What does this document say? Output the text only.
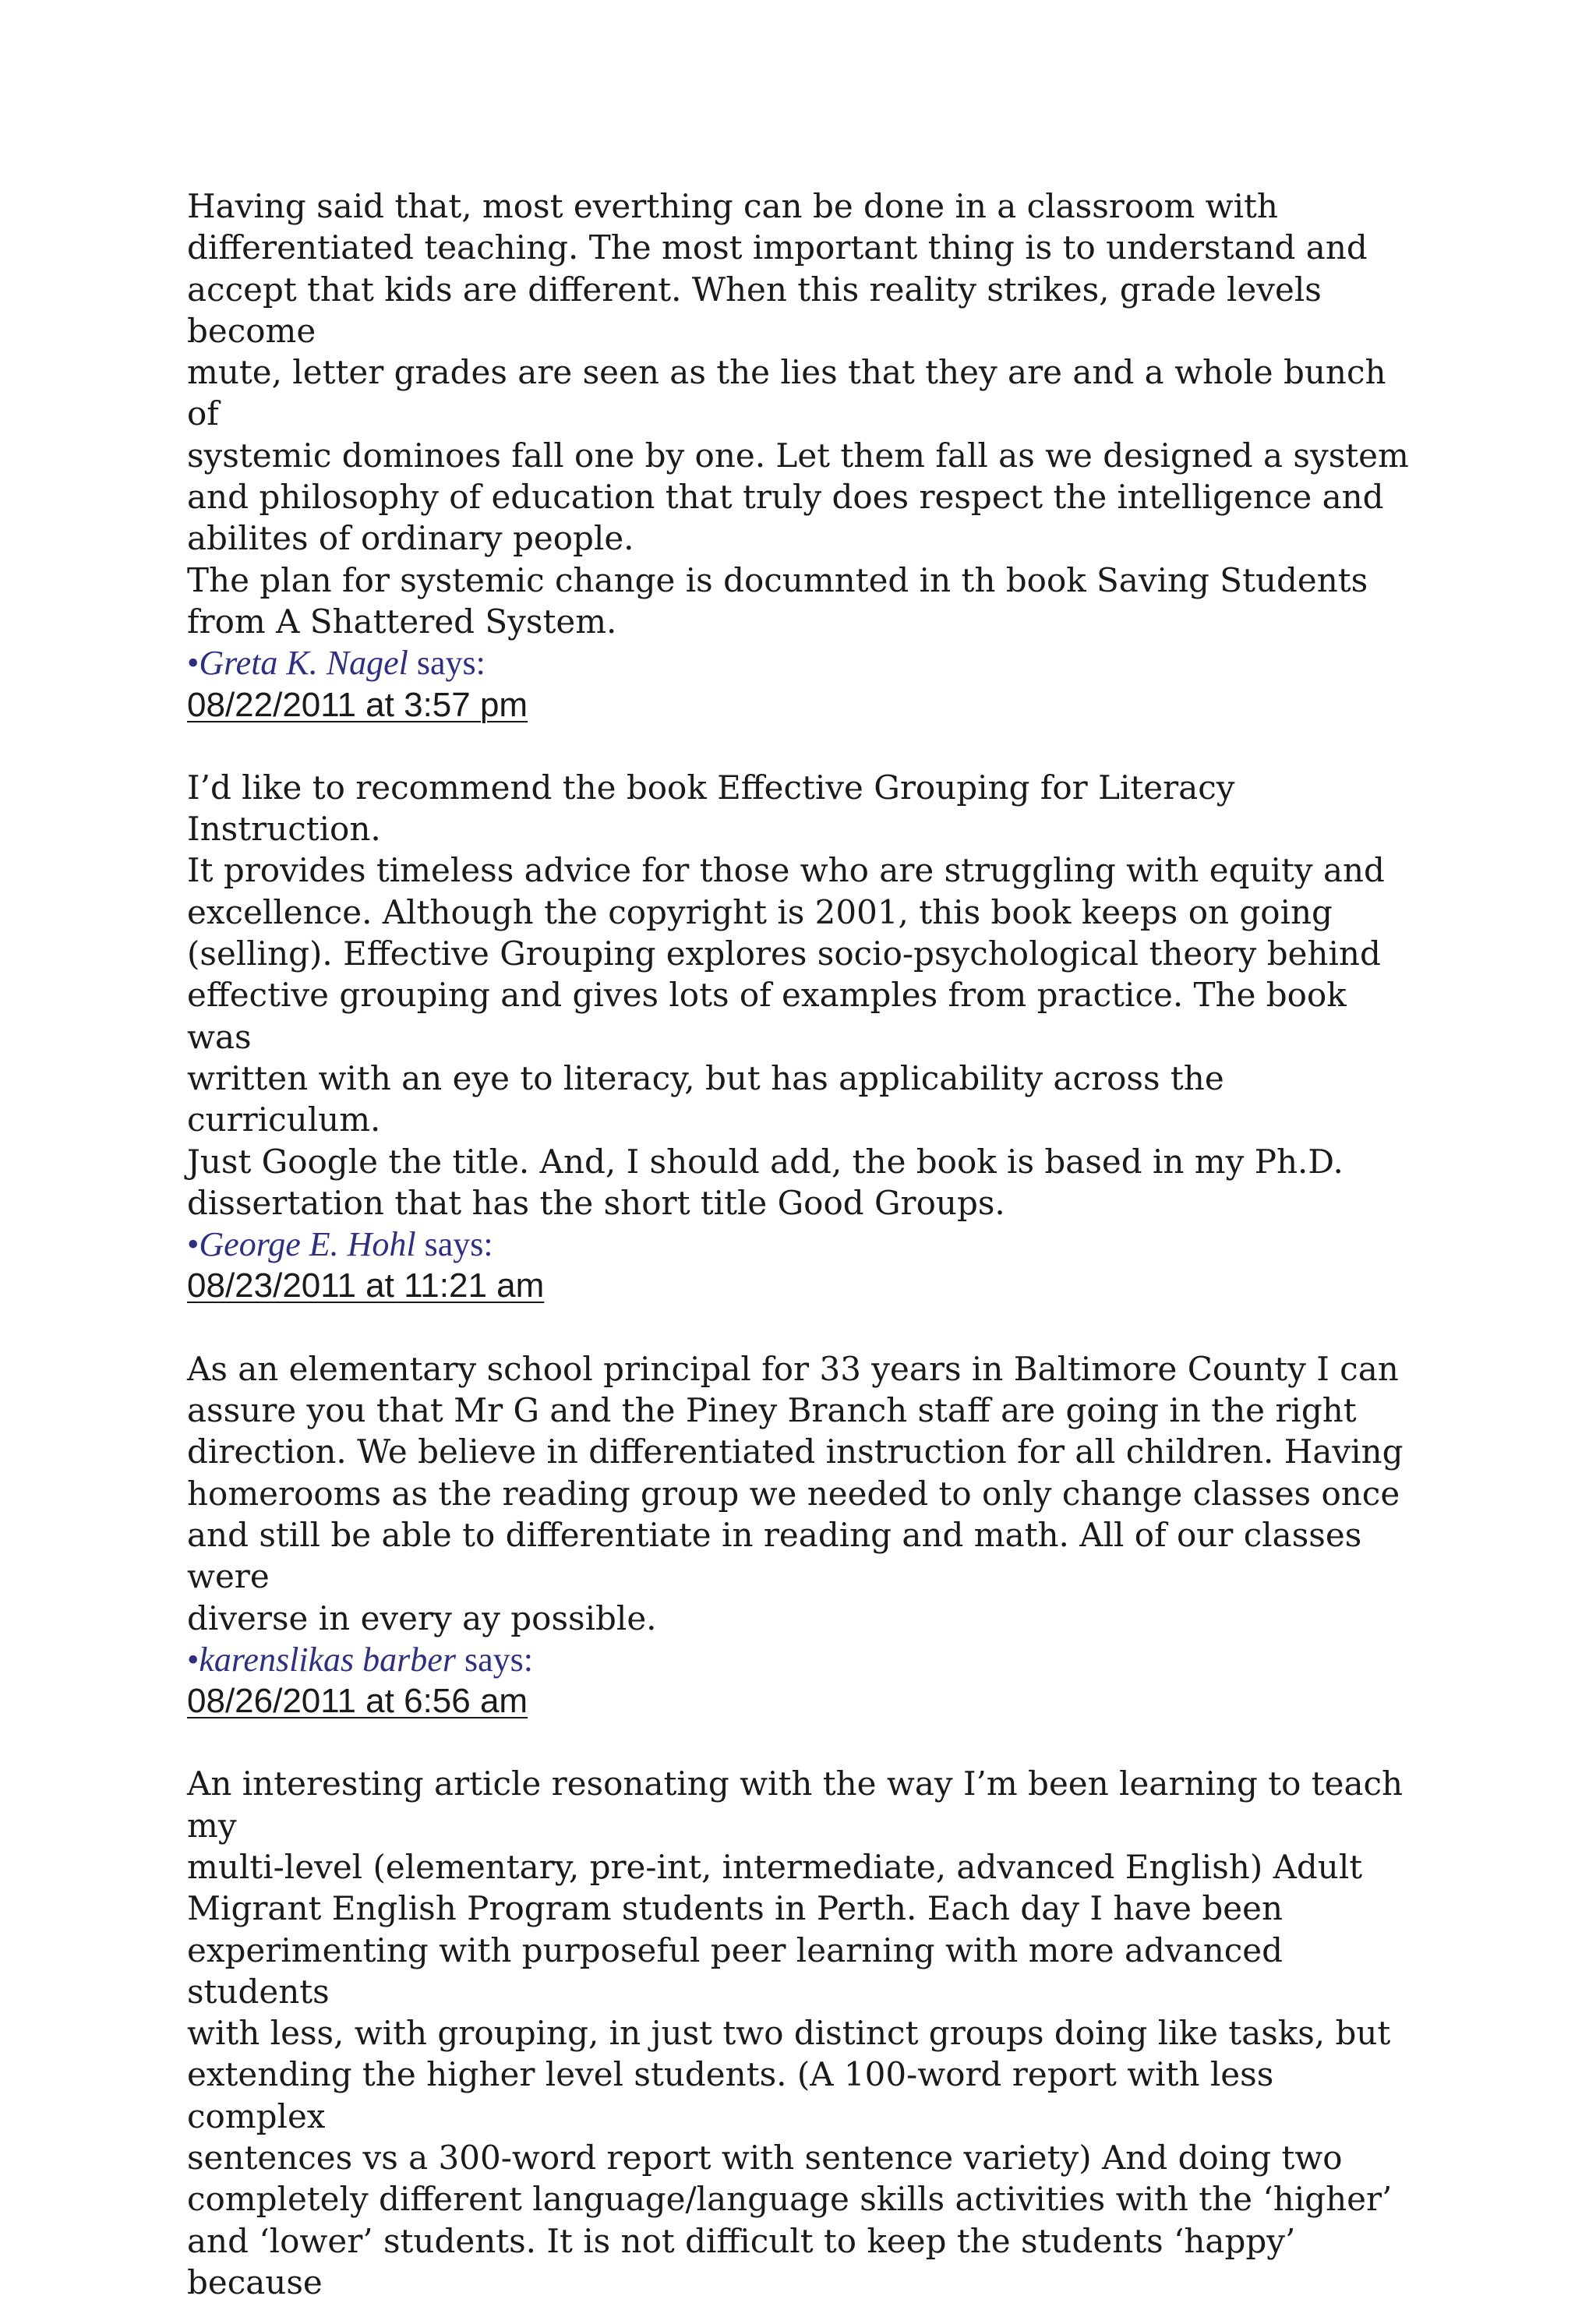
Having said that, most everthing can be done in a classroom with

differentiated teaching. The most important thing is to understand and

accept that kids are different. When this reality strikes, grade levels become

mute, letter grades are seen as the lies that they are and a whole bunch of

systemic dominoes fall one by one. Let them fall as we designed a system

and philosophy of education that truly does respect the intelligence and

abilites of ordinary people.

The plan for systemic change is documnted in th book Saving Students

from A Shattered System.

•Greta K. Nagel says:

08/22/2011 at 3:57 pm

I’d like to recommend the book Effective Grouping for Literacy Instruction.

It provides timeless advice for those who are struggling with equity and

excellence. Although the copyright is 2001, this book keeps on going

(selling). Effective Grouping explores socio-psychological theory behind

effective grouping and gives lots of examples from practice. The book was

written with an eye to literacy, but has applicability across the curriculum.

Just Google the title. And, I should add, the book is based in my Ph.D.

dissertation that has the short title Good Groups.

•George E. Hohl says:

08/23/2011 at 11:21 am

As an elementary school principal for 33 years in Baltimore County I can

assure you that Mr G and the Piney Branch staff are going in the right

direction. We believe in differentiated instruction for all children. Having

homerooms as the reading group we needed to only change classes once

and still be able to differentiate in reading and math. All of our classes were

diverse in every ay possible.

•karenslikas barber says:

08/26/2011 at 6:56 am

An interesting article resonating with the way I’m been learning to teach my

multi-level (elementary, pre-int, intermediate, advanced English) Adult

Migrant English Program students in Perth. Each day I have been

experimenting with purposeful peer learning with more advanced students

with less, with grouping, in just two distinct groups doing like tasks, but

extending the higher level students. (A 100-word report with less complex

sentences vs a 300-word report with sentence variety) And doing two

completely different language/language skills activities with the ‘higher’

and ‘lower’ students. It is not difficult to keep the students ‘happy’ because
